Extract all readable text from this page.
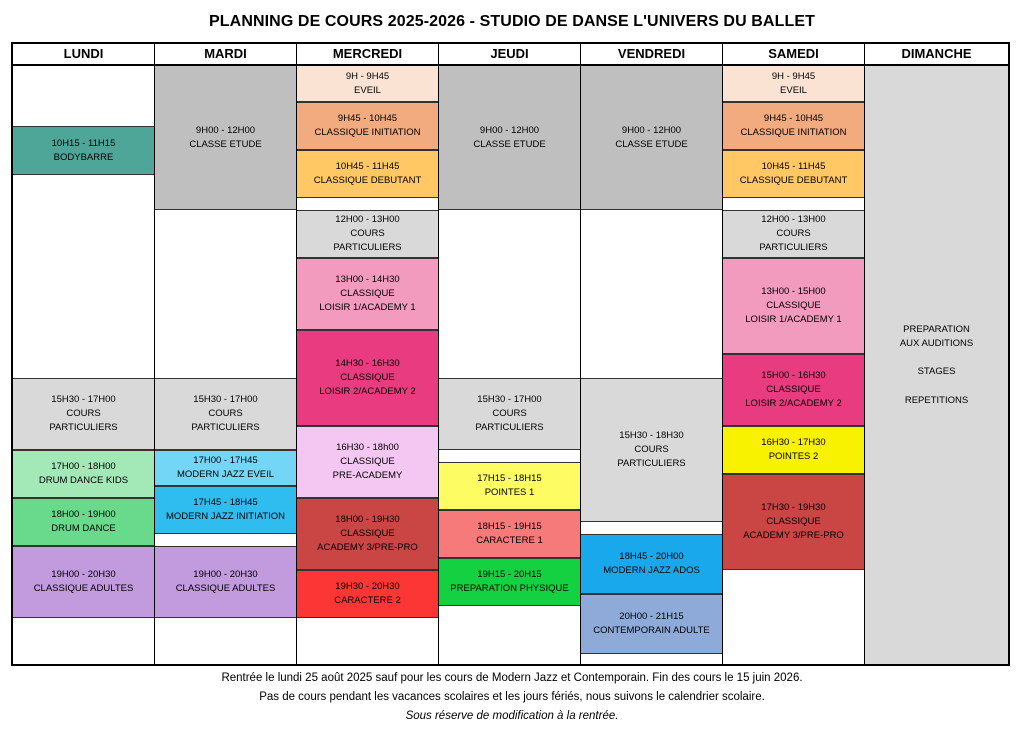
PLANNING DE COURS 2025-2026 - STUDIO DE DANSE L'UNIVERS DU BALLET
LUNDI
10H15 - 11H15
BODYBARRE
15H30 - 17H00
COURS
PARTICULIERS
17H00 - 18H00
DRUM DANCE KIDS
18H00 - 19H00
DRUM DANCE
19H00 - 20H30
CLASSIQUE ADULTES
MARDI
9H00 - 12H00
CLASSE ETUDE
15H30 - 17H00
COURS
PARTICULIERS
17H00 - 17H45
MODERN JAZZ EVEIL
17H45 - 18H45
MODERN JAZZ INITIATION
19H00 - 20H30
CLASSIQUE ADULTES
MERCREDI
9H - 9H45
EVEIL
9H45 - 10H45
CLASSIQUE INITIATION
10H45 - 11H45
CLASSIQUE DEBUTANT
12H00 - 13H00
COURS
PARTICULIERS
13H00 - 14H30
CLASSIQUE
LOISIR 1/ACADEMY 1
14H30 - 16H30
CLASSIQUE
LOISIR 2/ACADEMY 2
16H30 - 18h00
CLASSIQUE
PRE-ACADEMY
18H00 - 19H30
CLASSIQUE
ACADEMY 3/PRE-PRO
19H30 - 20H30
CARACTERE 2
JEUDI
9H00 - 12H00
CLASSE ETUDE
15H30 - 17H00
COURS
PARTICULIERS
17H15 - 18H15
POINTES 1
18H15 - 19H15
CARACTERE 1
19H15 - 20H15
PREPARATION PHYSIQUE
VENDREDI
9H00 - 12H00
CLASSE ETUDE
15H30 - 18H30
COURS
PARTICULIERS
18H45 - 20H00
MODERN JAZZ ADOS
20H00 - 21H15
CONTEMPORAIN ADULTE
SAMEDI
9H - 9H45
EVEIL
9H45 - 10H45
CLASSIQUE INITIATION
10H45 - 11H45
CLASSIQUE DEBUTANT
12H00 - 13H00
COURS
PARTICULIERS
13H00 - 15H00
CLASSIQUE
LOISIR 1/ACADEMY 1
15H00 - 16H30
CLASSIQUE
LOISIR 2/ACADEMY 2
16H30 - 17H30
POINTES 2
17H30 - 19H30
CLASSIQUE
ACADEMY 3/PRE-PRO
DIMANCHE
PREPARATION
AUX AUDITIONS
STAGES
REPETITIONS
Rentrée le lundi 25 août 2025 sauf pour les cours de Modern Jazz et Contemporain. Fin des cours le 15 juin 2026.
Pas de cours pendant les vacances scolaires et les jours fériés, nous suivons le calendrier scolaire.
Sous réserve de modification à la rentrée.
